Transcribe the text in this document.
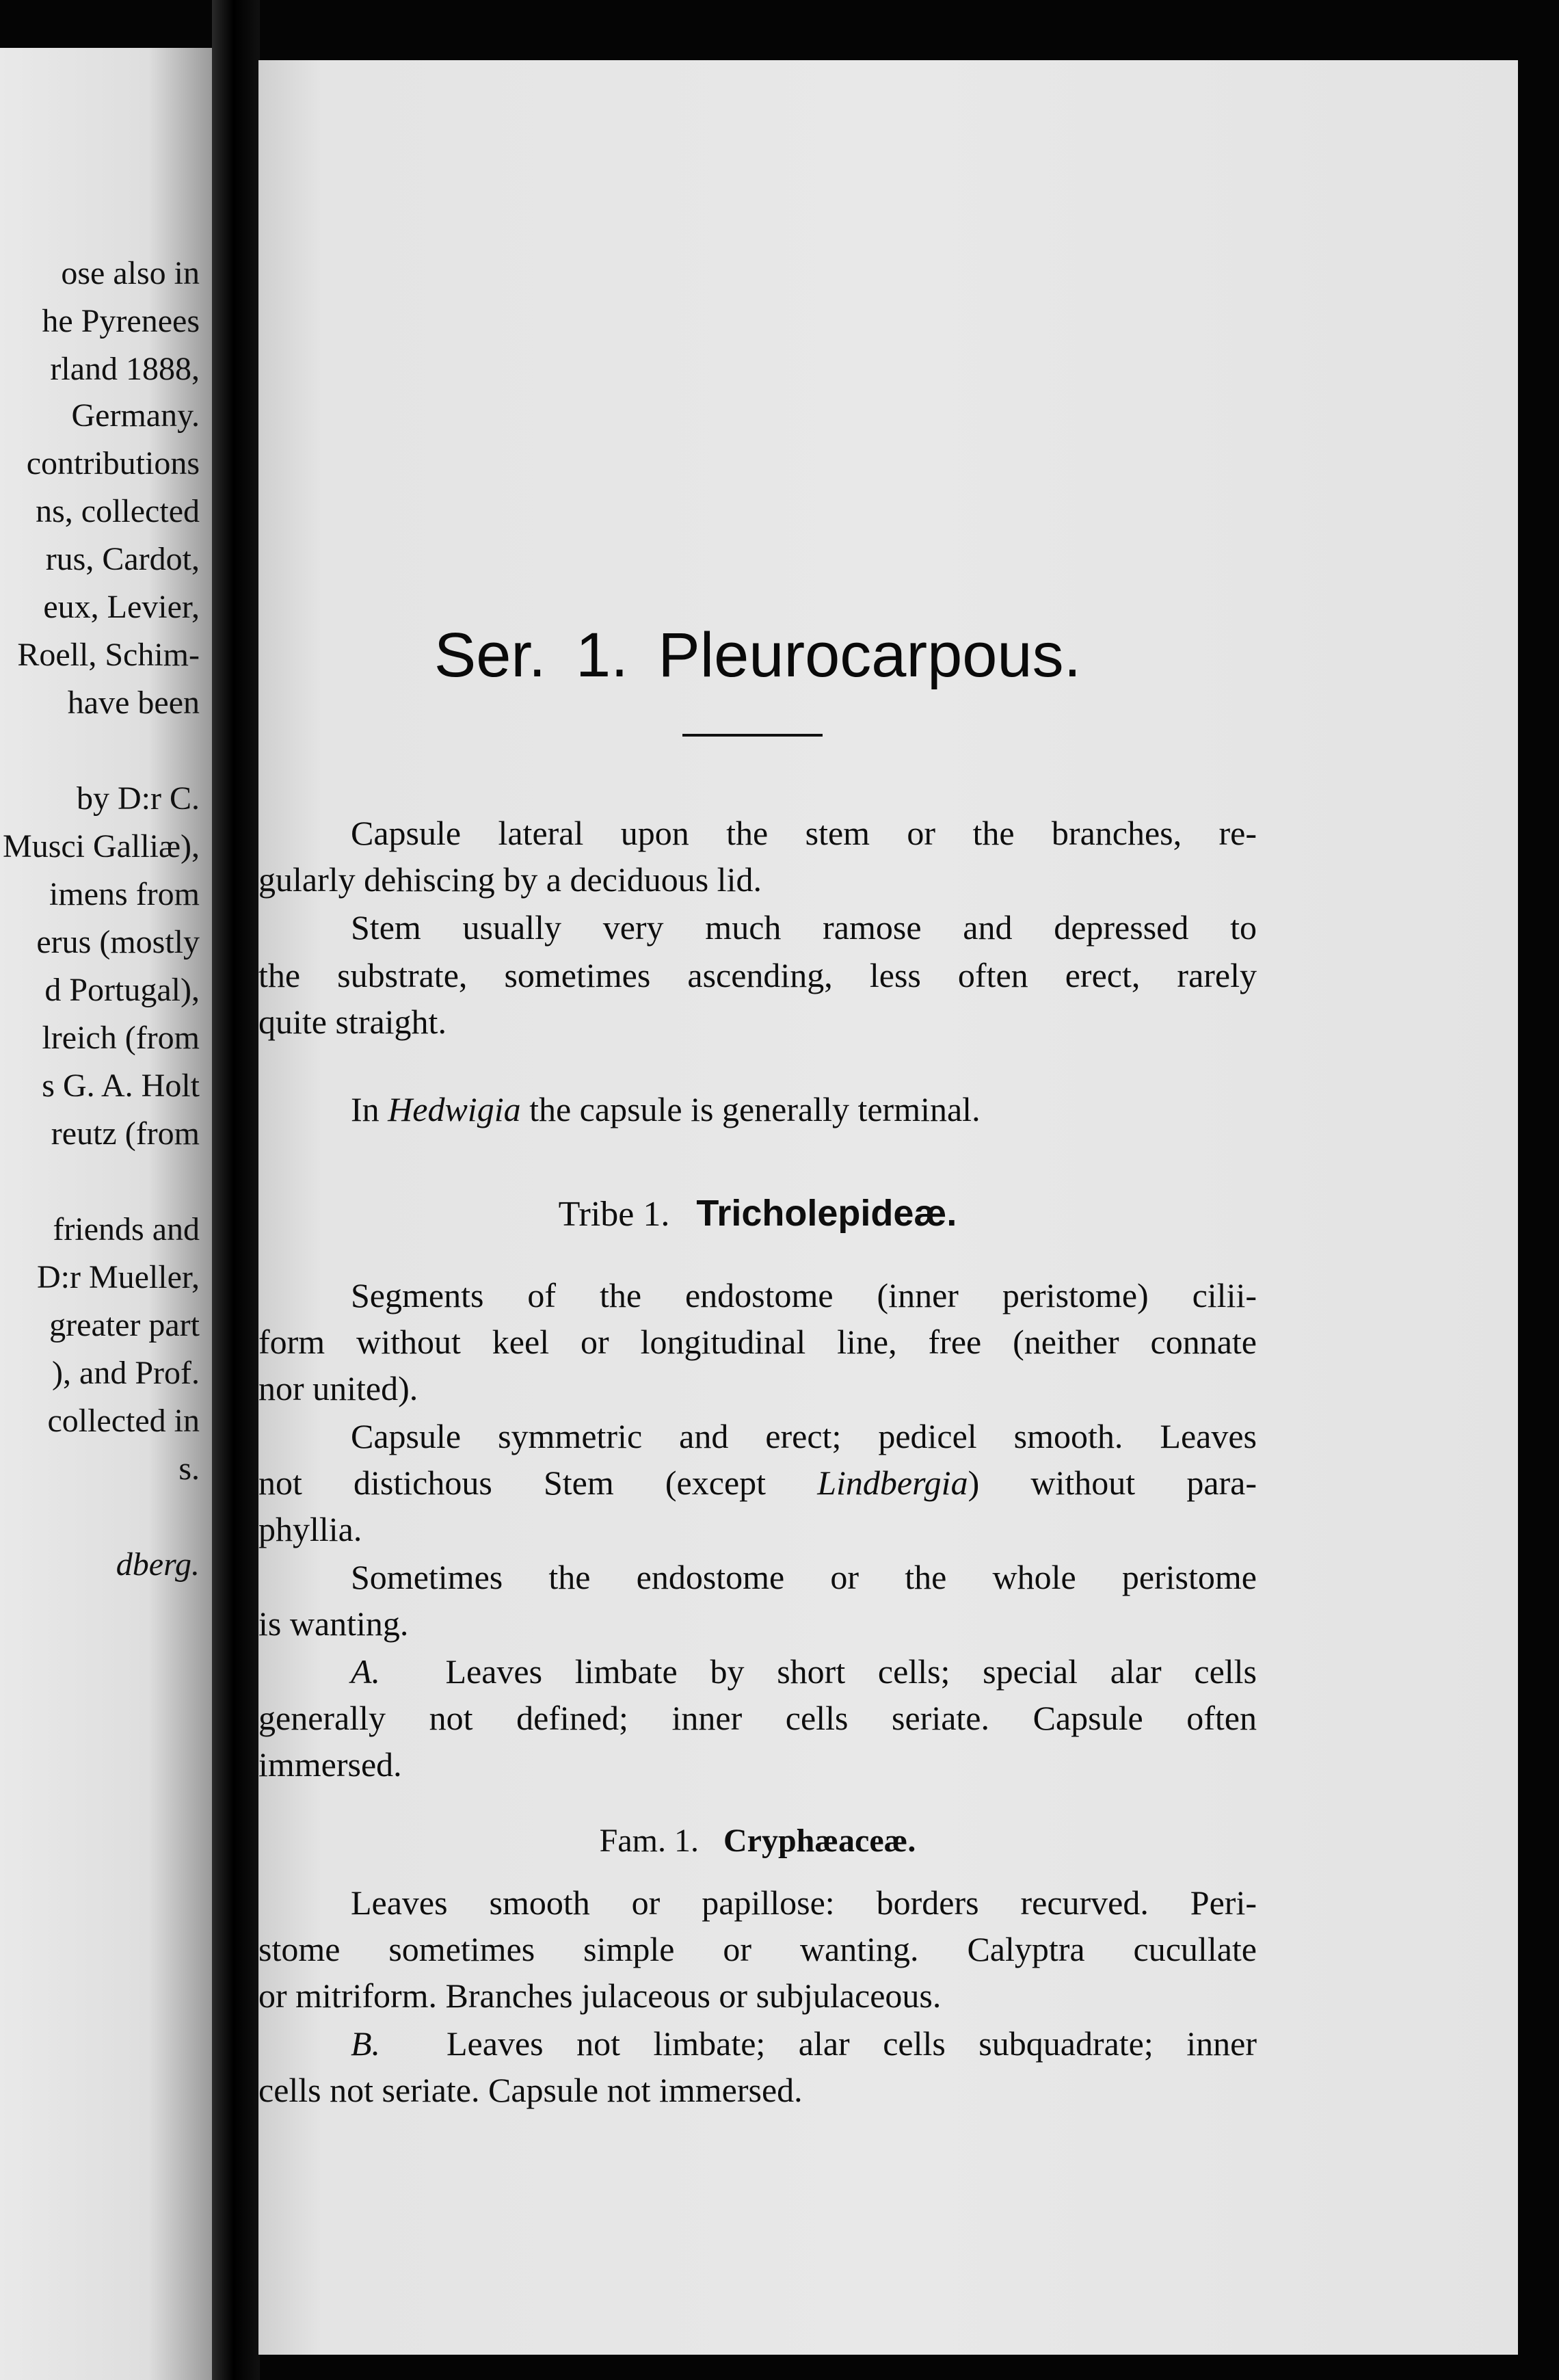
ose also in
he Pyrenees
rland 1888,
Germany.
contributions
ns, collected
rus, Cardot,
eux, Levier,
Roell, Schim-
have been
by D:r C.
Musci Galliæ),
imens from
erus (mostly
d Portugal),
lreich (from
s G. A. Holt
reutz (from
friends and
D:r Mueller,
greater part
), and Prof.
collected in
s.
dberg.
Ser. 1. Pleurocarpous.
Capsule lateral upon the stem or the branches, re-
gularly dehiscing by a deciduous lid.
Stem usually very much ramose and depressed to
the substrate, sometimes ascending, less often erect, rarely
quite straight.
In Hedwigia the capsule is generally terminal.
Tribe 1. Tricholepideæ.
Segments of the endostome (inner peristome) cilii-
form without keel or longitudinal line, free (neither connate
nor united).
Capsule symmetric and erect; pedicel smooth. Leaves
not distichous Stem (except Lindbergia) without para-
phyllia.
Sometimes the endostome or the whole peristome
is wanting.
A. Leaves limbate by short cells; special alar cells
generally not defined; inner cells seriate. Capsule often
immersed.
Fam. 1. Cryphæaceæ.
Leaves smooth or papillose: borders recurved. Peri-
stome sometimes simple or wanting. Calyptra cucullate
or mitriform. Branches julaceous or subjulaceous.
B. Leaves not limbate; alar cells subquadrate; inner
cells not seriate. Capsule not immersed.
